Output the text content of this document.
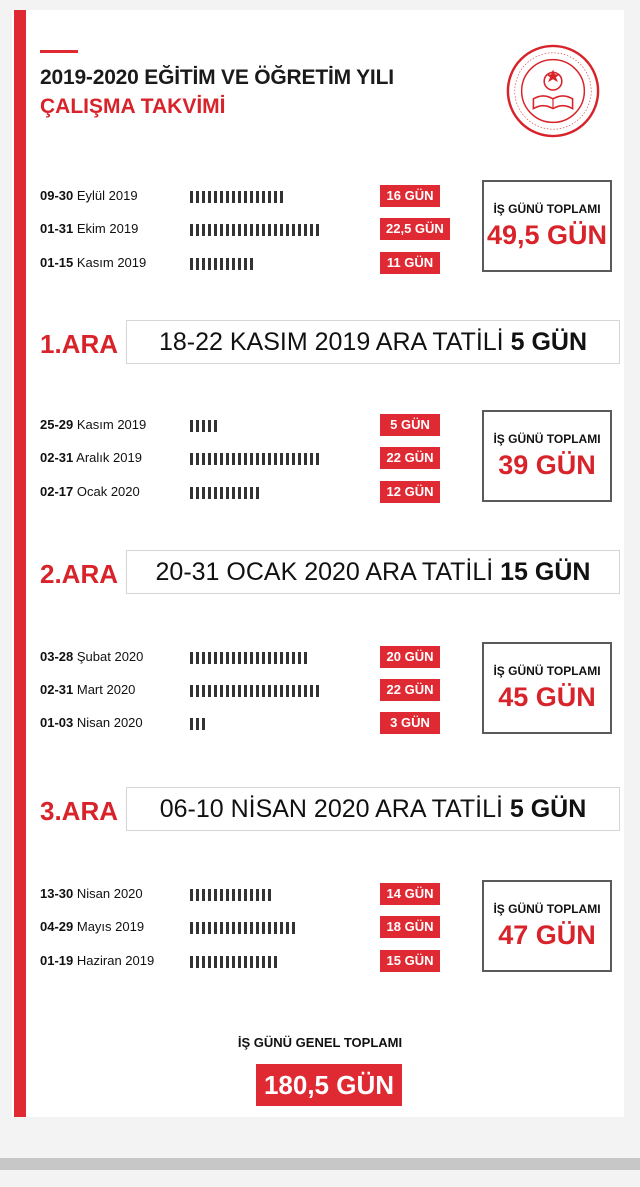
2019-2020 EĞİTİM VE ÖĞRETİM YILI
ÇALIŞMA TAKVİMİ
09-30 Eylül 2019	16 GÜN
01-31 Ekim 2019	22,5 GÜN
01-15 Kasım 2019	11 GÜN
İŞ GÜNÜ TOPLAMI
49,5 GÜN
1.ARA	18-22 KASIM 2019 ARA TATİLİ 5 GÜN
25-29 Kasım 2019	5 GÜN
02-31 Aralık 2019	22 GÜN
02-17 Ocak 2020	12 GÜN
İŞ GÜNÜ TOPLAMI
39 GÜN
2.ARA	20-31 OCAK 2020 ARA TATİLİ 15 GÜN
03-28 Şubat 2020	20 GÜN
02-31 Mart 2020	22 GÜN
01-03 Nisan 2020	3 GÜN
İŞ GÜNÜ TOPLAMI
45 GÜN
3.ARA	06-10 NİSAN 2020 ARA TATİLİ 5 GÜN
13-30 Nisan 2020	14 GÜN
04-29 Mayıs 2019	18 GÜN
01-19 Haziran 2019	15 GÜN
İŞ GÜNÜ TOPLAMI
47 GÜN
İŞ GÜNÜ GENEL TOPLAMI
180,5 GÜN
